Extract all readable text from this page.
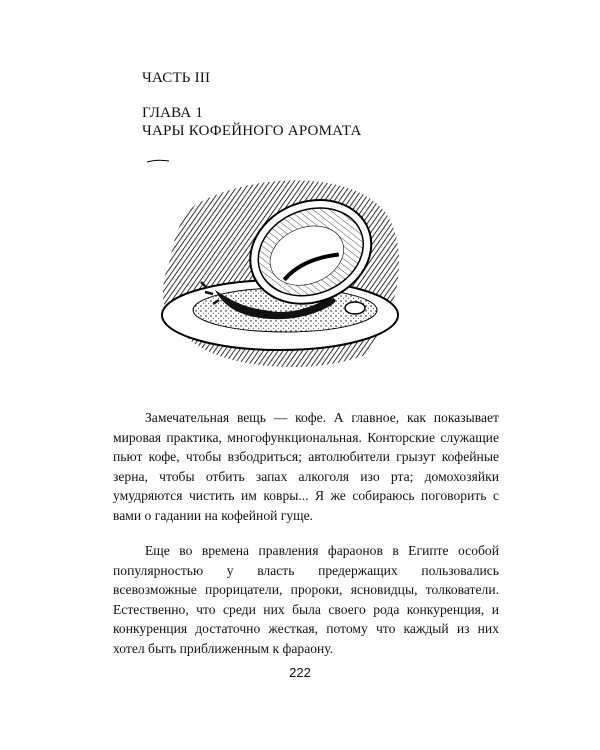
ЧАСТЬ III
ГЛАВА 1
ЧАРЫ КОФЕЙНОГО АРОМАТА

Замечательная вещь — кофе. А главное, как показывает мировая практика, многофункциональная. Конторские служащие пьют кофе, чтобы взбодриться; автолюбители грызут кофейные зерна, чтобы отбить запах алкоголя изо рта; домохозяйки умудряются чистить им ковры... Я же собираюсь поговорить с вами о гадании на кофейной гуще.

Еще во времена правления фараонов в Египте особой популярностью у власть предержащих пользовались всевозможные прорицатели, пророки, ясновидцы, толкователи. Естественно, что среди них была своего рода конкуренция, и конкуренция достаточно жесткая, потому что каждый из них хотел быть приближенным к фараону.

222
